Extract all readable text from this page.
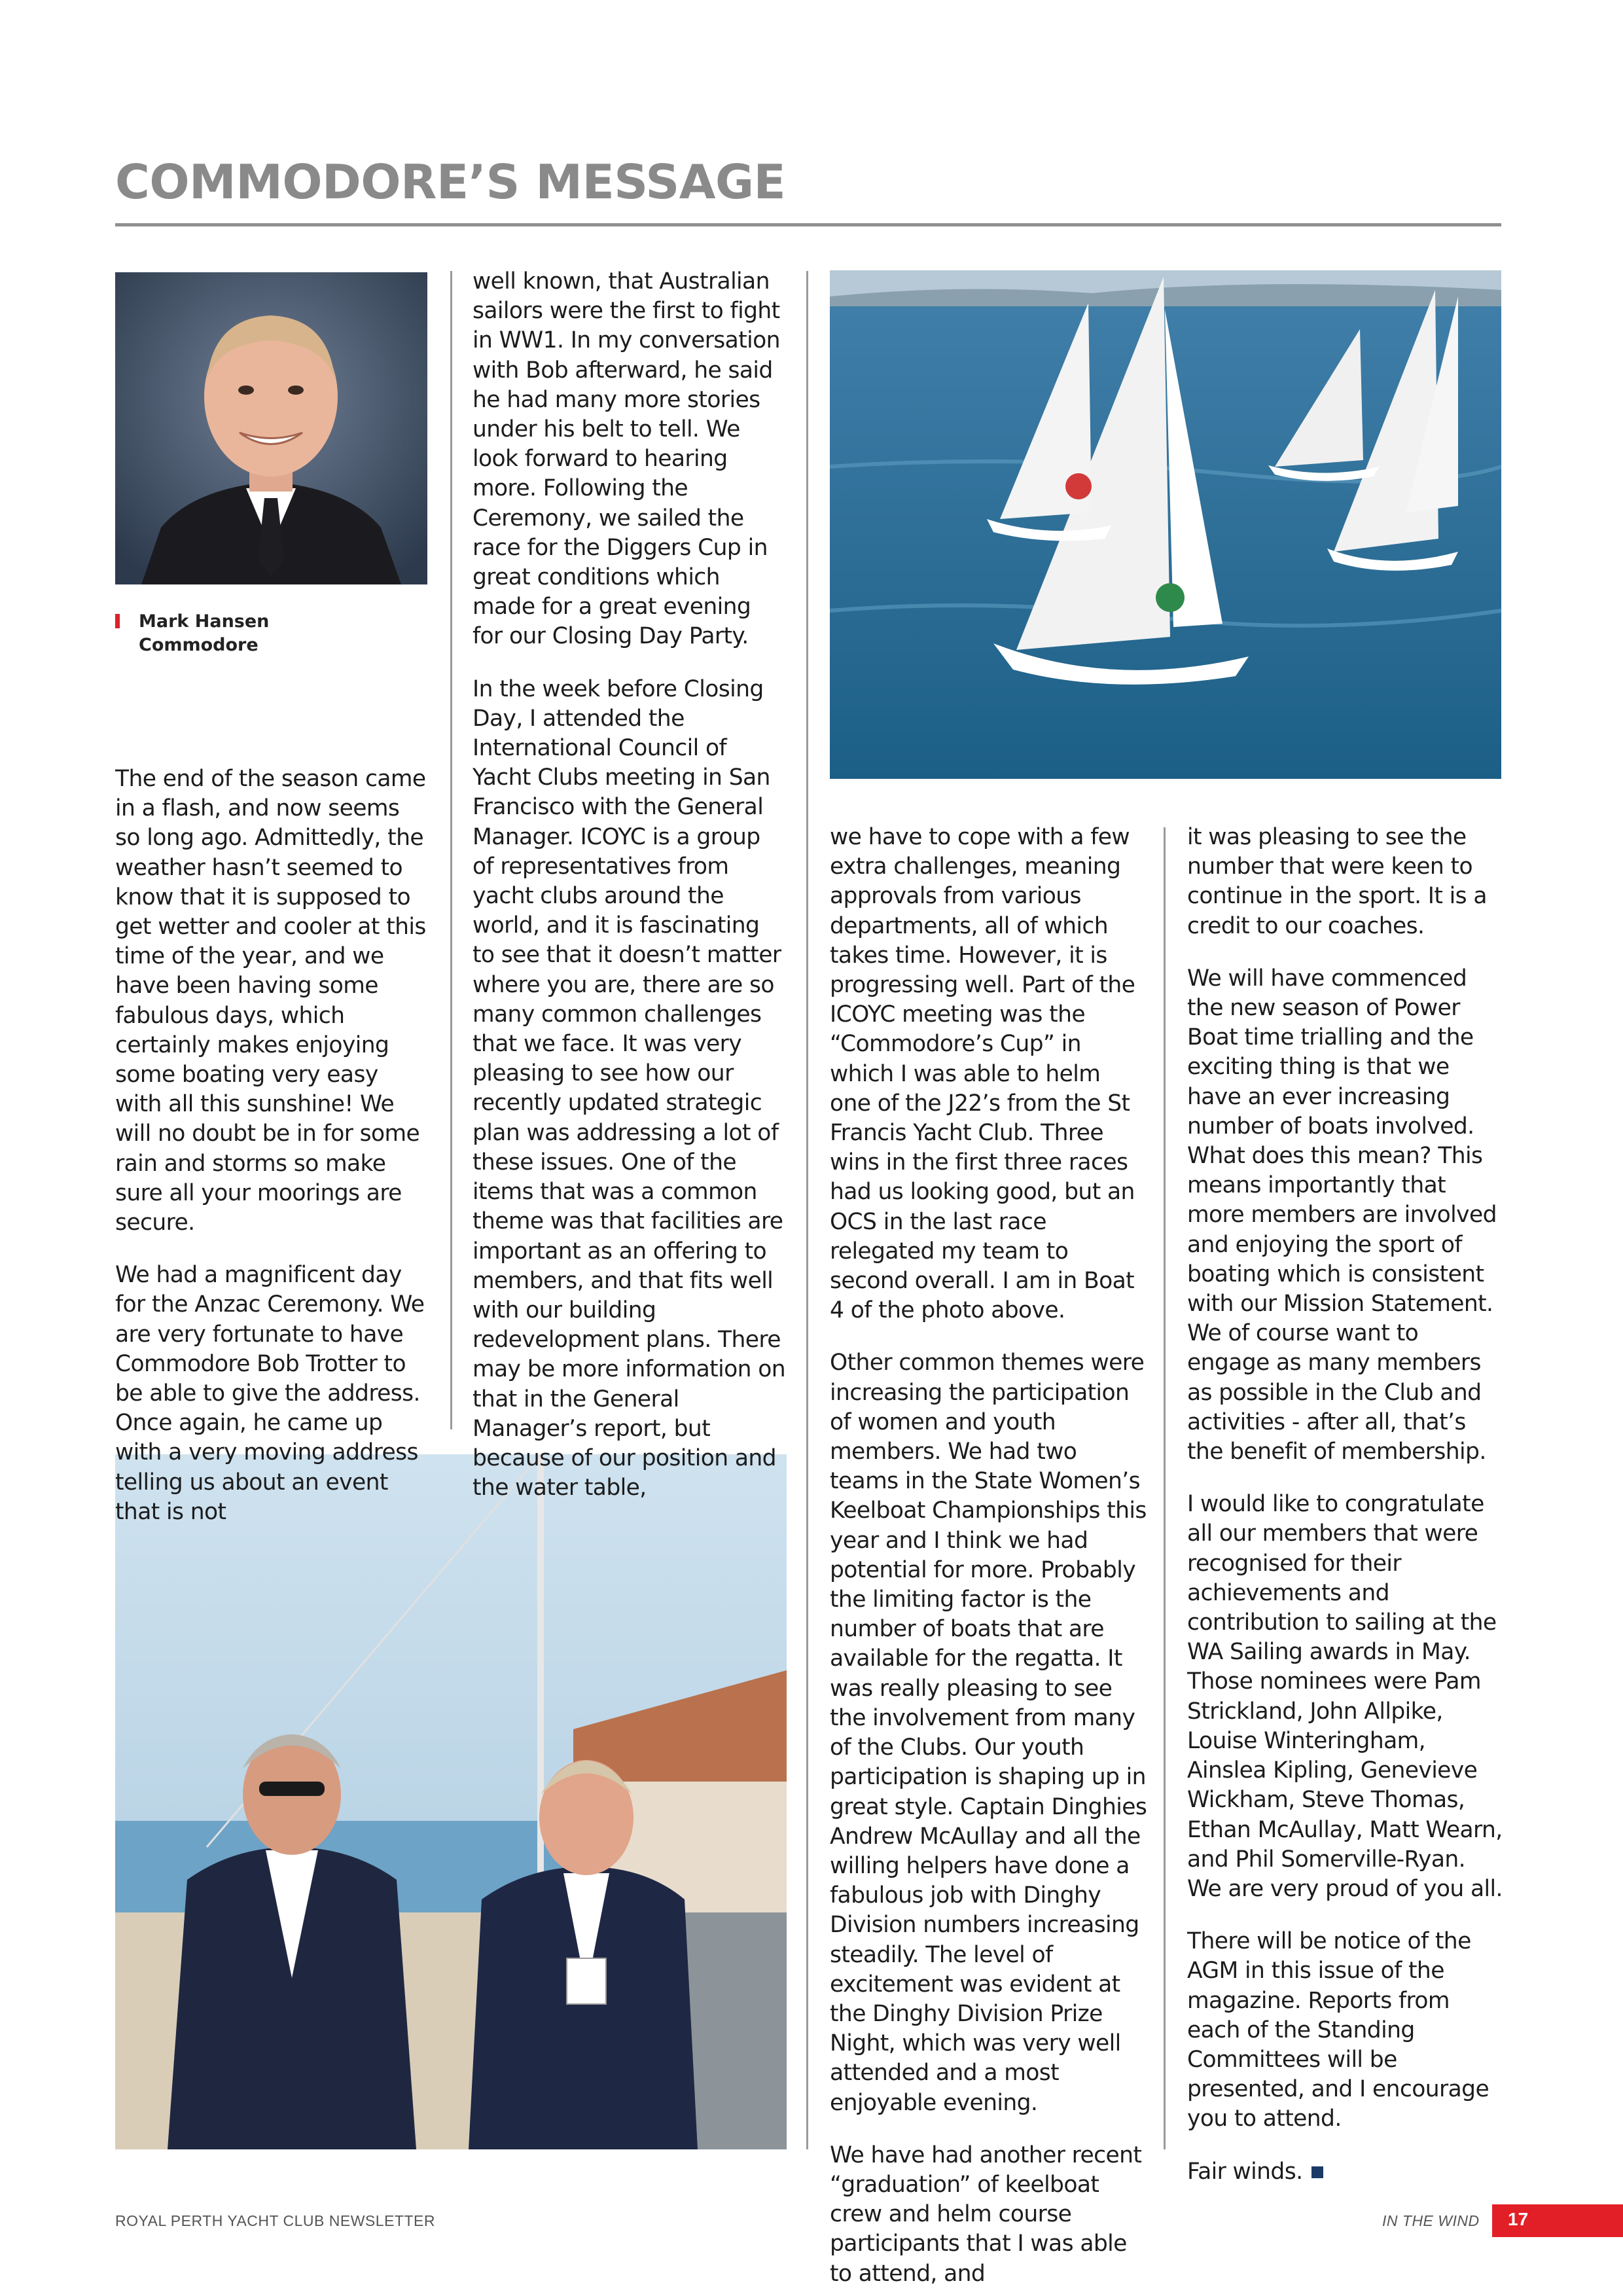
COMMODORE’S MESSAGE
Mark Hansen
Commodore

The end of the season came in a flash, and now seems so long ago. Admittedly, the weather hasn’t seemed to know that it is supposed to get wetter and cooler at this time of the year, and we have been having some fabulous days, which certainly makes enjoying some boating very easy with all this sunshine! We will no doubt be in for some rain and storms so make sure all your moorings are secure.

We had a magnificent day for the Anzac Ceremony. We are very fortunate to have Commodore Bob Trotter to be able to give the address. Once again, he came up with a very moving address telling us about an event that is not

well known, that Australian sailors were the first to fight in WW1. In my conversation with Bob afterward, he said he had many more stories under his belt to tell. We look forward to hearing more. Following the Ceremony, we sailed the race for the Diggers Cup in great conditions which made for a great evening for our Closing Day Party.

In the week before Closing Day, I attended the International Council of Yacht Clubs meeting in San Francisco with the General Manager. ICOYC is a group of representatives from yacht clubs around the world, and it is fascinating to see that it doesn’t matter where you are, there are so many common challenges that we face. It was very pleasing to see how our recently updated strategic plan was addressing a lot of these issues. One of the items that was a common theme was that facilities are important as an offering to members, and that fits well with our building redevelopment plans. There may be more information on that in the General Manager’s report, but because of our position and the water table,

we have to cope with a few extra challenges, meaning approvals from various departments, all of which takes time. However, it is progressing well. Part of the ICOYC meeting was the “Commodore’s Cup” in which I was able to helm one of the J22’s from the St Francis Yacht Club. Three wins in the first three races had us looking good, but an OCS in the last race relegated my team to second overall. I am in Boat 4 of the photo above.

Other common themes were increasing the participation of women and youth members. We had two teams in the State Women’s Keelboat Championships this year and I think we had potential for more. Probably the limiting factor is the number of boats that are available for the regatta. It was really pleasing to see the involvement from many of the Clubs. Our youth participation is shaping up in great style. Captain Dinghies Andrew McAullay and all the willing helpers have done a fabulous job with Dinghy Division numbers increasing steadily. The level of excitement was evident at the Dinghy Division Prize Night, which was very well attended and a most enjoyable evening.

We have had another recent “graduation” of keelboat crew and helm course participants that I was able to attend, and

it was pleasing to see the number that were keen to continue in the sport. It is a credit to our coaches.

We will have commenced the new season of Power Boat time trialling and the exciting thing is that we have an ever increasing number of boats involved. What does this mean? This means importantly that more members are involved and enjoying the sport of boating which is consistent with our Mission Statement. We of course want to engage as many members as possible in the Club and activities - after all, that’s the benefit of membership.

I would like to congratulate all our members that were recognised for their achievements and contribution to sailing at the WA Sailing awards in May. Those nominees were Pam Strickland, John Allpike, Louise Winteringham, Ainslea Kipling, Genevieve Wickham, Steve Thomas, Ethan McAullay, Matt Wearn, and Phil Somerville-Ryan. We are very proud of you all.

There will be notice of the AGM in this issue of the magazine. Reports from each of the Standing Committees will be presented, and I encourage you to attend.

Fair winds.

ROYAL PERTH YACHT CLUB NEWSLETTER	IN THE WIND 17
